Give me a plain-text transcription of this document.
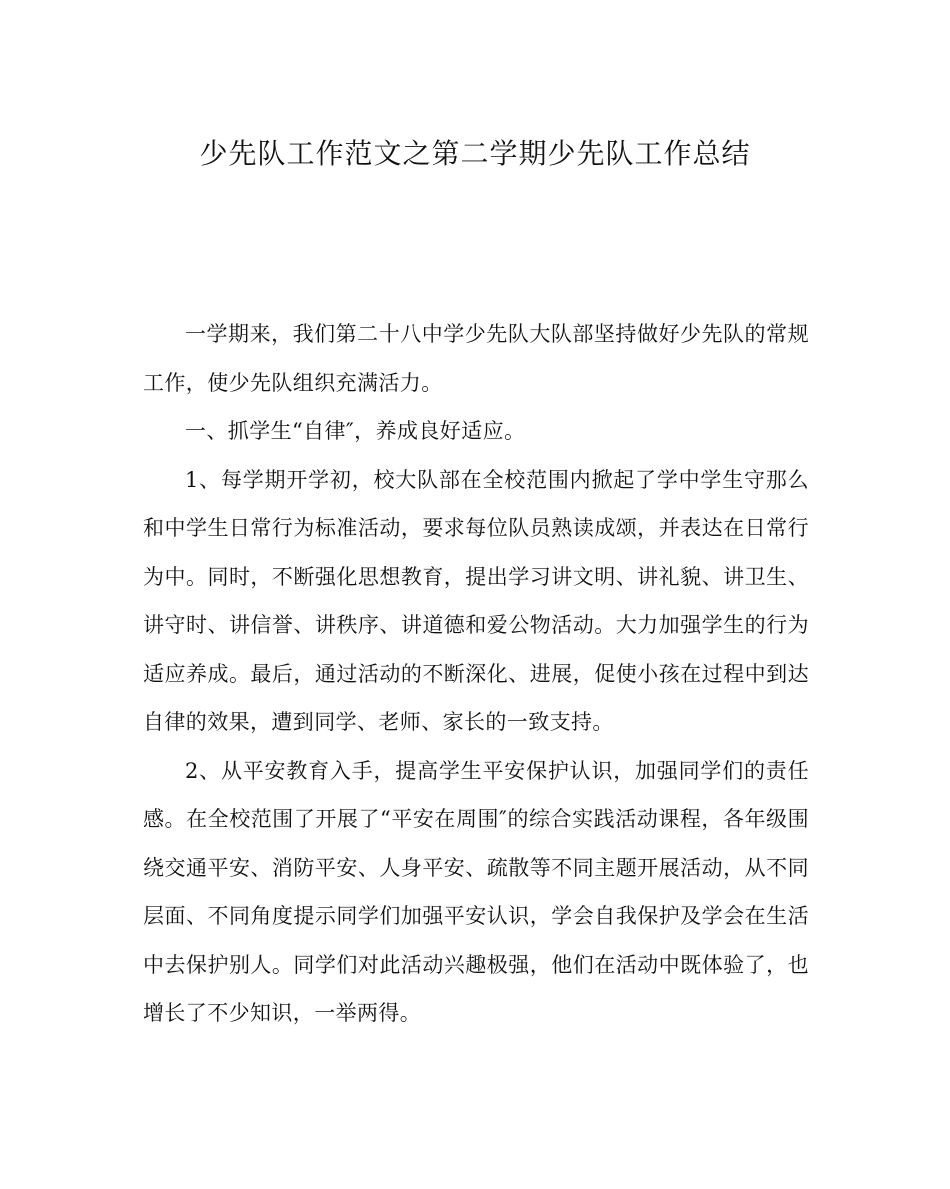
少先队工作范文之第二学期少先队工作总结

一学期来，我们第二十八中学少先队大队部坚持做好少先队的常规工作，使少先队组织充满活力。

一、抓学生“自律″，养成良好适应。

1、每学期开学初，校大队部在全校范围内掀起了学中学生守那么和中学生日常行为标准活动，要求每位队员熟读成颂，并表达在日常行为中。同时，不断强化思想教育，提出学习讲文明、讲礼貌、讲卫生、讲守时、讲信誉、讲秩序、讲道德和爱公物活动。大力加强学生的行为适应养成。最后，通过活动的不断深化、进展，促使小孩在过程中到达自律的效果，遭到同学、老师、家长的一致支持。

2、从平安教育入手，提高学生平安保护认识，加强同学们的责任感。在全校范围了开展了“平安在周围″的综合实践活动课程，各年级围绕交通平安、消防平安、人身平安、疏散等不同主题开展活动，从不同层面、不同角度提示同学们加强平安认识，学会自我保护及学会在生活中去保护别人。同学们对此活动兴趣极强，他们在活动中既体验了，也增长了不少知识，一举两得。
